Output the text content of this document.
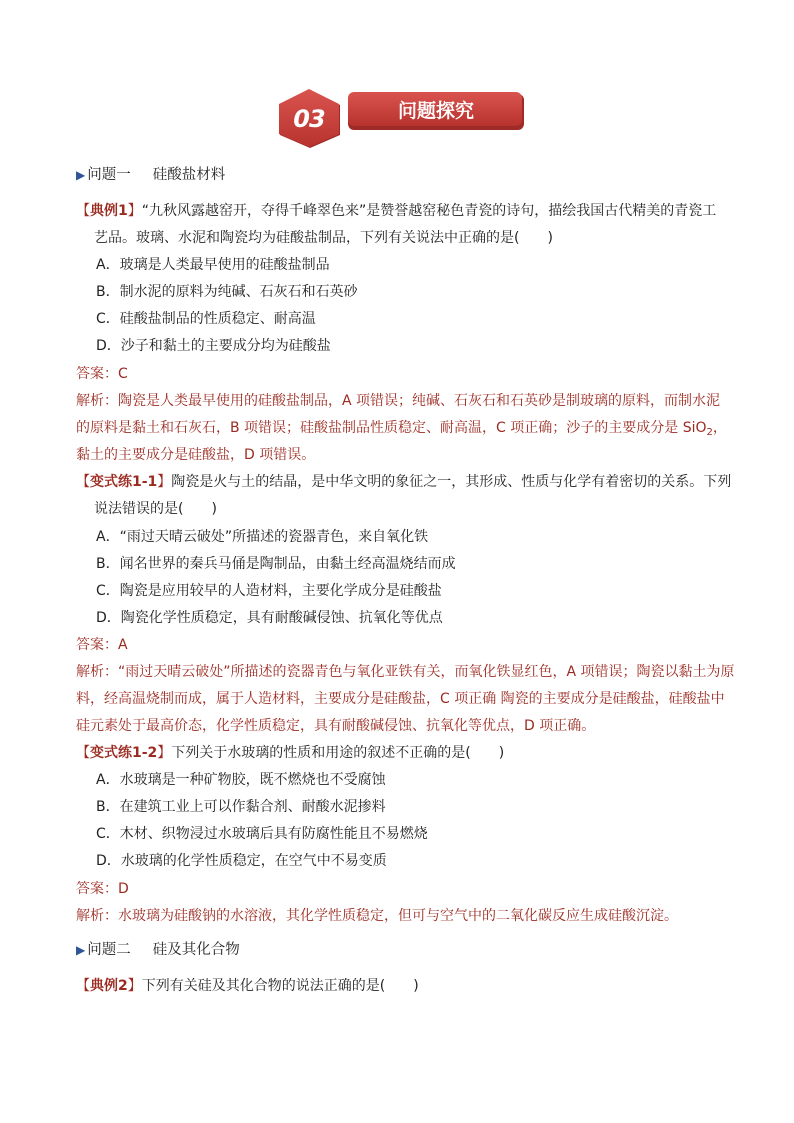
03	问题探究
▶ 问题一 硅酸盐材料
【典例1】“九秋风露越窑开，夺得千峰翠色来”是赞誉越窑秘色青瓷的诗句，描绘我国古代精美的青瓷工
艺品。玻璃、水泥和陶瓷均为硅酸盐制品，下列有关说法中正确的是(　　)
A．玻璃是人类最早使用的硅酸盐制品
B．制水泥的原料为纯碱、石灰石和石英砂
C．硅酸盐制品的性质稳定、耐高温
D．沙子和黏土的主要成分均为硅酸盐
答案：C
解析：陶瓷是人类最早使用的硅酸盐制品，A 项错误；纯碱、石灰石和石英砂是制玻璃的原料，而制水泥
的原料是黏土和石灰石，B 项错误；硅酸盐制品性质稳定、耐高温，C 项正确；沙子的主要成分是 SiO$_2$，
黏土的主要成分是硅酸盐，D 项错误。
【变式练1-1】陶瓷是火与土的结晶，是中华文明的象征之一，其形成、性质与化学有着密切的关系。下列
说法错误的是(　　)
A．“雨过天晴云破处”所描述的瓷器青色，来自氧化铁
B．闻名世界的秦兵马俑是陶制品，由黏土经高温烧结而成
C．陶瓷是应用较早的人造材料，主要化学成分是硅酸盐
D．陶瓷化学性质稳定，具有耐酸碱侵蚀、抗氧化等优点
答案：A
解析：“雨过天晴云破处”所描述的瓷器青色与氧化亚铁有关，而氧化铁显红色，A 项错误；陶瓷以黏土为原
料，经高温烧制而成，属于人造材料，主要成分是硅酸盐，C 项正确 陶瓷的主要成分是硅酸盐，硅酸盐中
硅元素处于最高价态，化学性质稳定，具有耐酸碱侵蚀、抗氧化等优点，D 项正确。
【变式练1-2】下列关于水玻璃的性质和用途的叙述不正确的是(　　)
A．水玻璃是一种矿物胶，既不燃烧也不受腐蚀
B．在建筑工业上可以作黏合剂、耐酸水泥掺料
C．木材、织物浸过水玻璃后具有防腐性能且不易燃烧
D．水玻璃的化学性质稳定，在空气中不易变质
答案：D
解析：水玻璃为硅酸钠的水溶液，其化学性质稳定，但可与空气中的二氧化碳反应生成硅酸沉淀。
▶ 问题二 硅及其化合物
【典例2】下列有关硅及其化合物的说法正确的是(　　)
